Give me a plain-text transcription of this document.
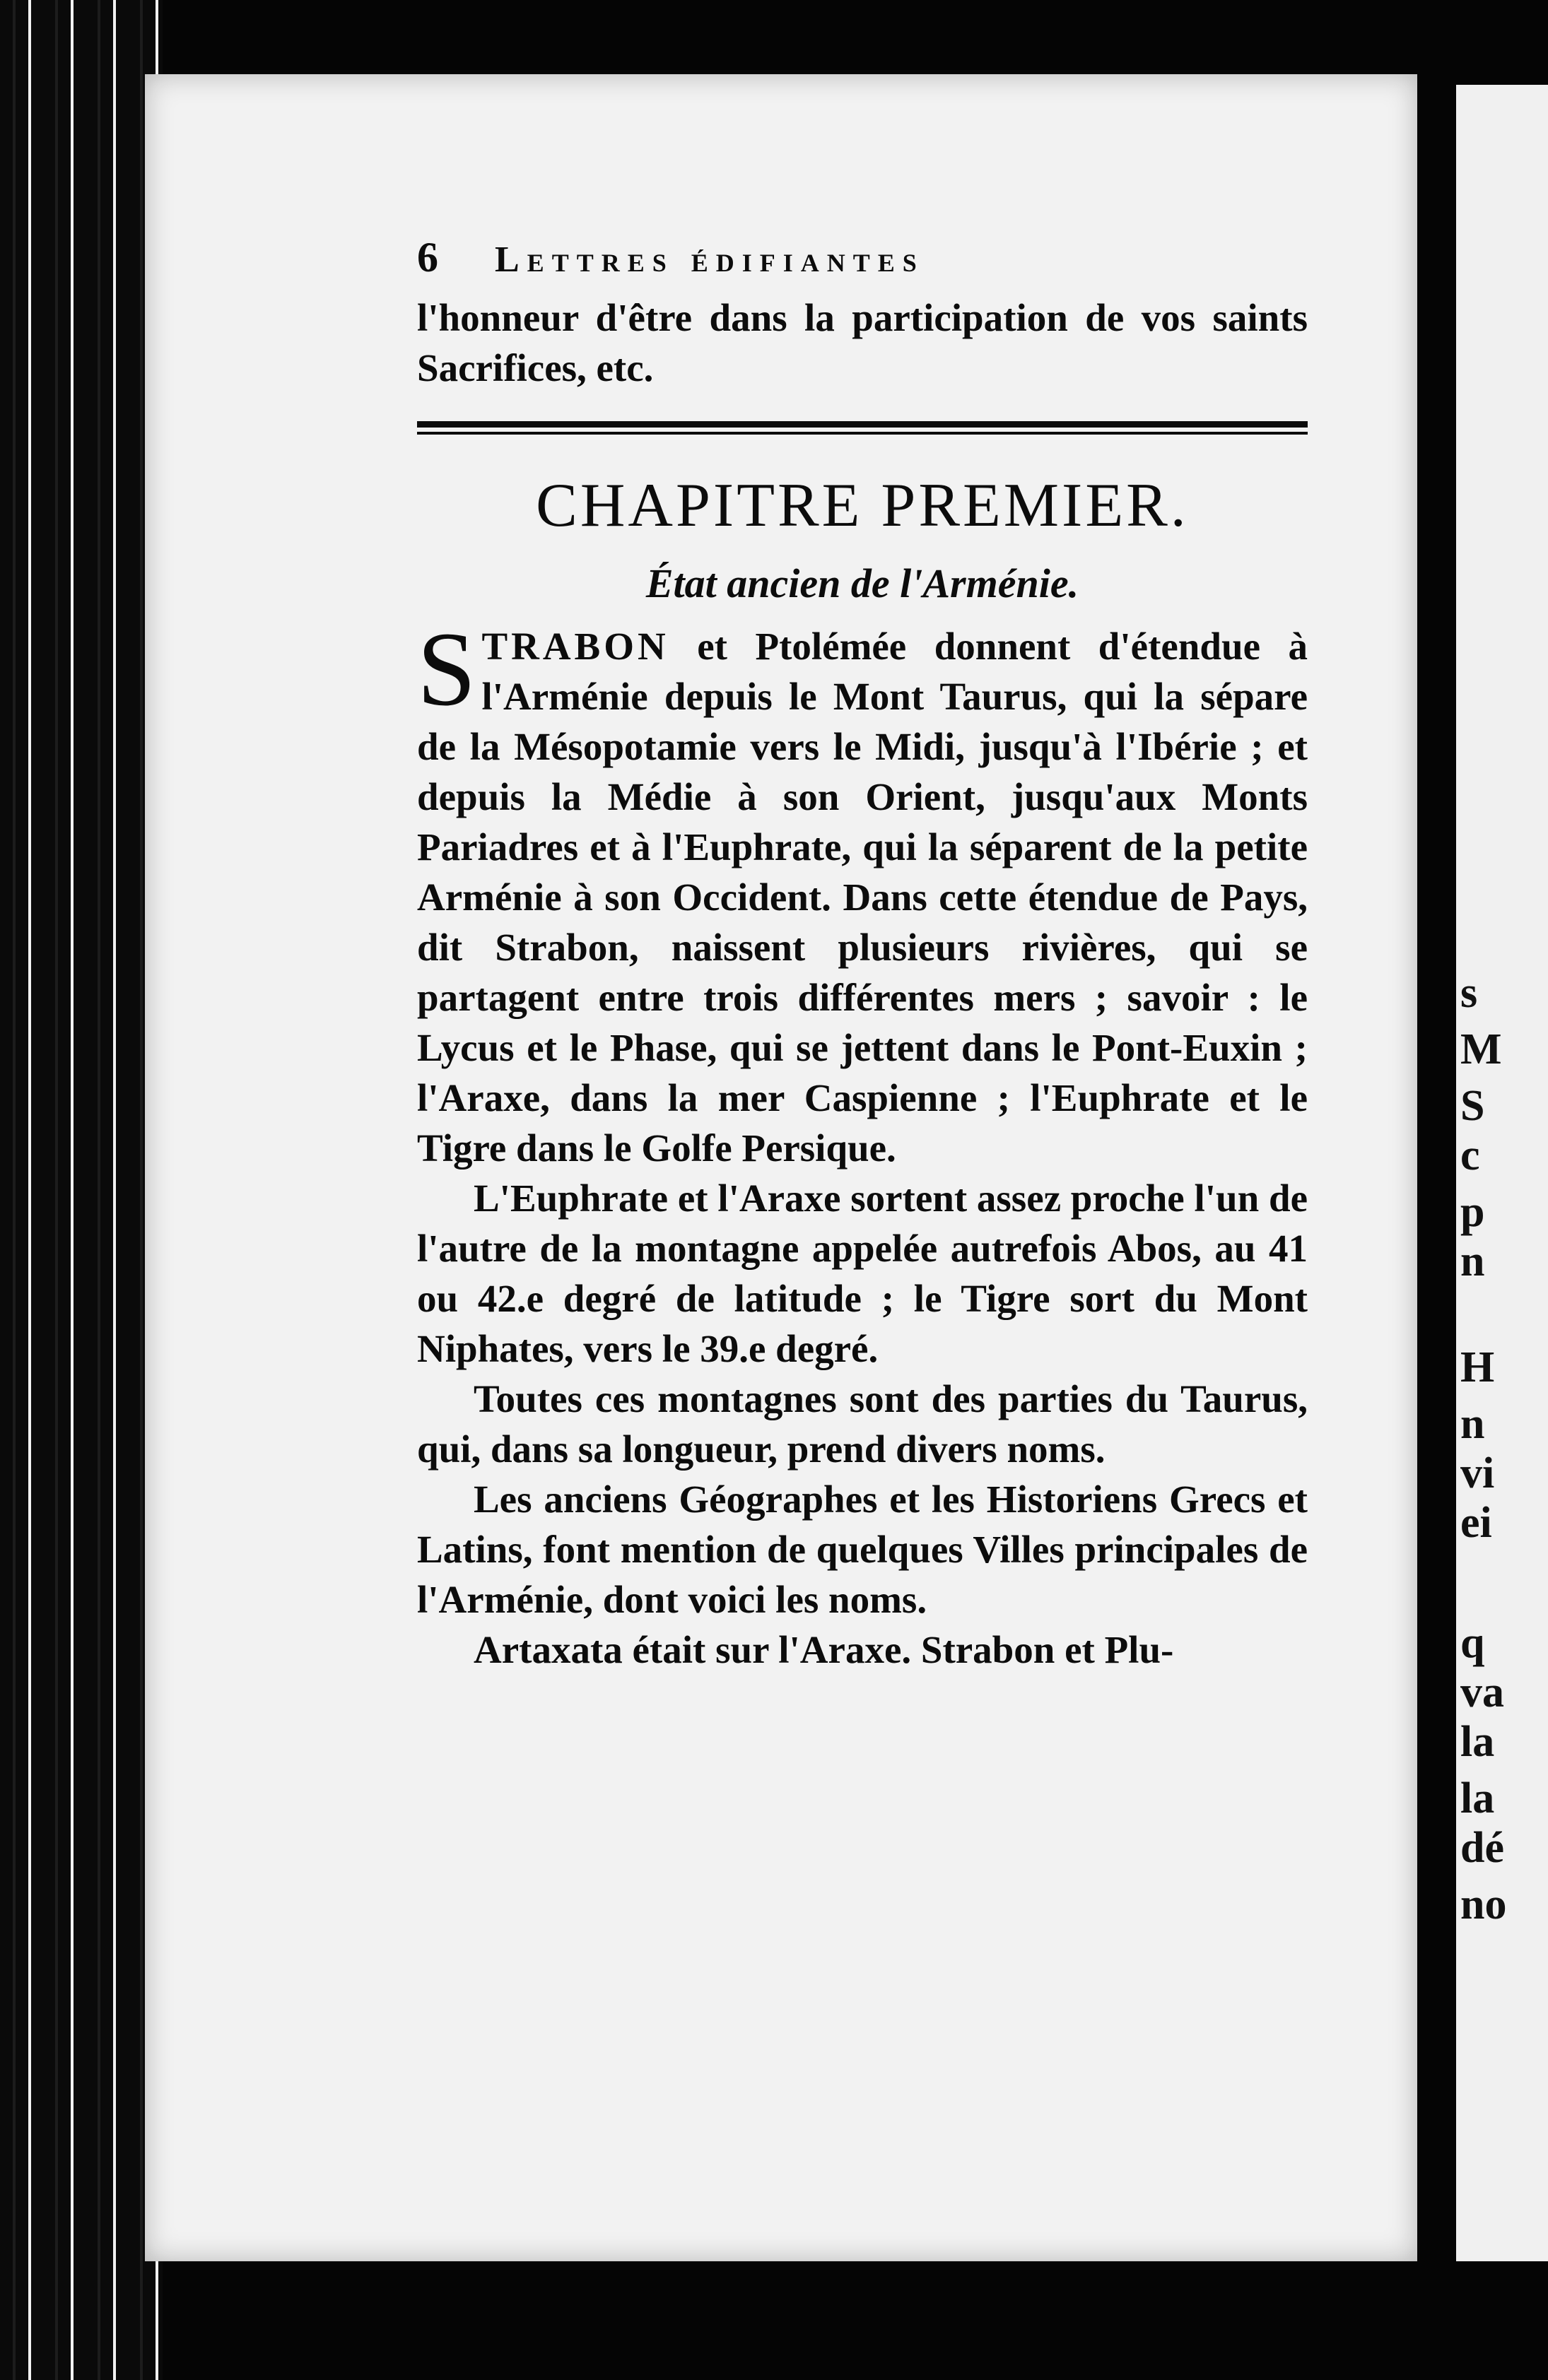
s
M
S
c
p
n
H
n
vi
ei
q
va
la
la
dé
no
6	Lettres édifiantes

l'honneur d'être dans la participation de vos saints Sacrifices, etc.

CHAPITRE PREMIER.
État ancien de l'Arménie.

STRABON et Ptolémée donnent d'étendue à l'Arménie depuis le Mont Taurus, qui la sépare de la Mésopotamie vers le Midi, jusqu'à l'Ibérie ; et depuis la Médie à son Orient, jusqu'aux Monts Pariadres et à l'Euphrate, qui la séparent de la petite Arménie à son Occident. Dans cette étendue de Pays, dit Strabon, naissent plusieurs rivières, qui se partagent entre trois différentes mers ; savoir : le Lycus et le Phase, qui se jettent dans le Pont-Euxin ; l'Araxe, dans la mer Caspienne ; l'Euphrate et le Tigre dans le Golfe Persique.

L'Euphrate et l'Araxe sortent assez proche l'un de l'autre de la montagne appelée autrefois Abos, au 41 ou 42.e degré de latitude ; le Tigre sort du Mont Niphates, vers le 39.e degré.

Toutes ces montagnes sont des parties du Taurus, qui, dans sa longueur, prend divers noms.

Les anciens Géographes et les Historiens Grecs et Latins, font mention de quelques Villes principales de l'Arménie, dont voici les noms.

Artaxata était sur l'Araxe. Strabon et Plu-
